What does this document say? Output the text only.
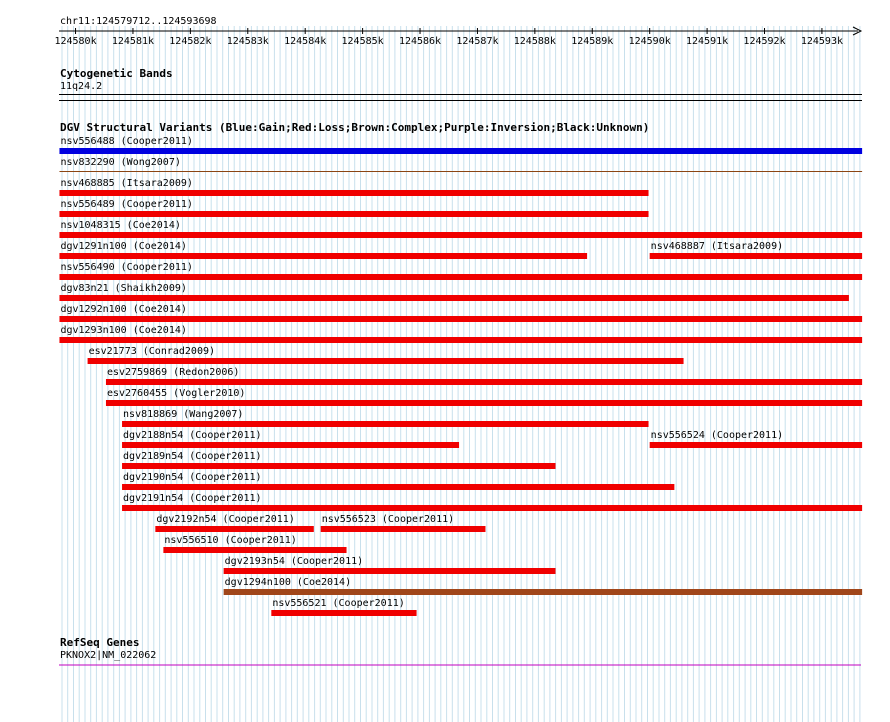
chr11:124579712..124593698
124580k 124581k 124582k 124583k 124584k 124585k 124586k 124587k 124588k 124589k 124590k 124591k 124592k 124593k
Cytogenetic Bands
11q24.2
DGV Structural Variants (Blue:Gain;Red:Loss;Brown:Complex;Purple:Inversion;Black:Unknown)
nsv556488 (Cooper2011)
nsv832290 (Wong2007)
nsv468885 (Itsara2009)
nsv556489 (Cooper2011)
nsv1048315 (Coe2014)
dgv1291n100 (Coe2014)	nsv468887 (Itsara2009)
nsv556490 (Cooper2011)
dgv83n21 (Shaikh2009)
dgv1292n100 (Coe2014)
dgv1293n100 (Coe2014)
esv21773 (Conrad2009)
esv2759869 (Redon2006)
esv2760455 (Vogler2010)
nsv818869 (Wang2007)
dgv2188n54 (Cooper2011)	nsv556524 (Cooper2011)
dgv2189n54 (Cooper2011)
dgv2190n54 (Cooper2011)
dgv2191n54 (Cooper2011)
dgv2192n54 (Cooper2011)	nsv556523 (Cooper2011)
nsv556510 (Cooper2011)
dgv2193n54 (Cooper2011)
dgv1294n100 (Coe2014)
nsv556521 (Cooper2011)
RefSeq Genes
PKNOX2|NM_022062
